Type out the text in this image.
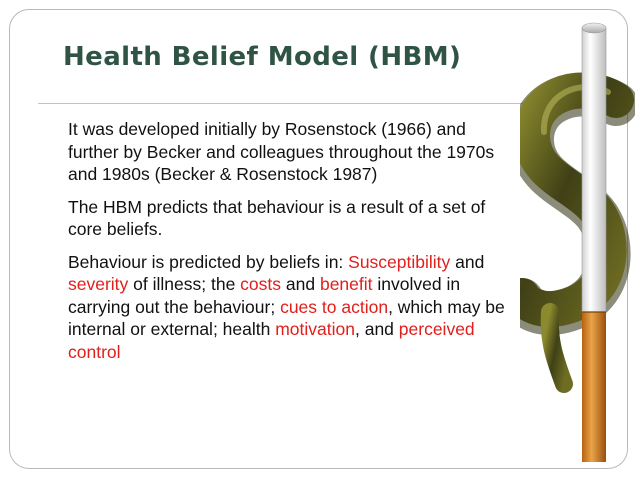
Health Belief Model (HBM)
It was developed initially by Rosenstock (1966) and further by Becker and colleagues throughout the 1970s and 1980s (Becker & Rosenstock 1987)
The HBM predicts that behaviour is a result of a set of core beliefs.
Behaviour is predicted by beliefs in: Susceptibility and severity of illness; the costs and benefit involved in carrying out the behaviour; cues to action, which may be internal or external; health motivation, and perceived control
